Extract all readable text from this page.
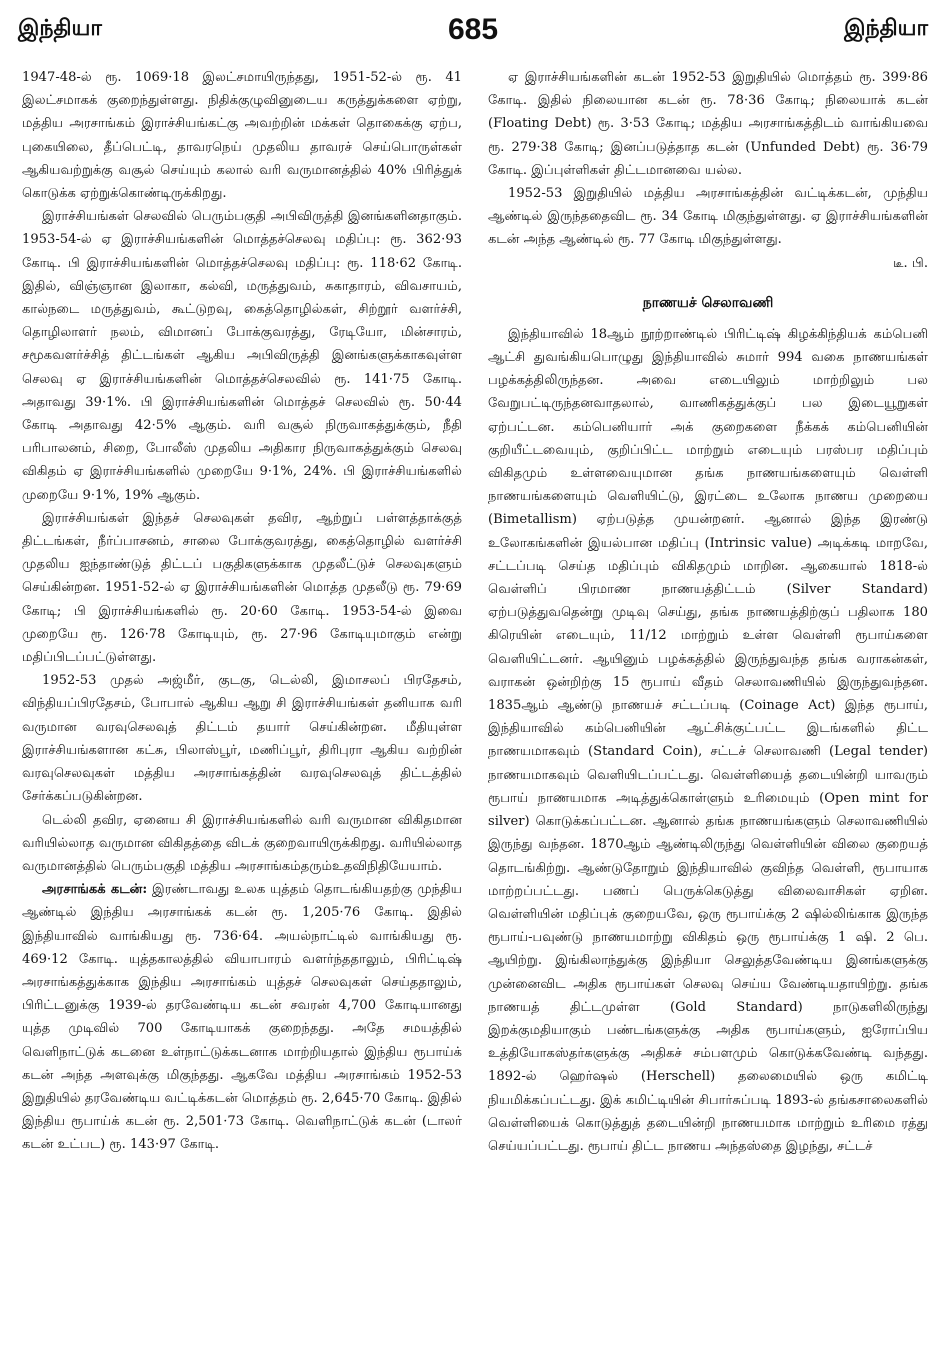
இந்தியா	685	இந்தியா

1947-48-ல் ரூ. 1069·18 இலட்சமாயிருந்தது, 1951-52-ல் ரூ. 41 இலட்சமாகக் குறைந்துள்ளது. நிதிக்குழுவினுடைய கருத்துக்களை ஏற்று, மத்திய அரசாங்கம் இராச்சியங்கட்கு அவற்றின் மக்கள் தொகைக்கு ஏற்ப, புகையிலை, தீப்பெட்டி, தாவரநெய் முதலிய தாவரச் செய்பொருள்கள் ஆகியவற்றுக்கு வசூல் செய்யும் கலால் வரி வருமானத்தில் 40% பிரித்துக் கொடுக்க ஏற்றுக்கொண்டிருக்கிறது.

இராச்சியங்கள் செலவில் பெரும்பகுதி அபிவிருத்தி இனங்களினதாகும். 1953-54-ல் ஏ இராச்சியங்களின் மொத்தச்செலவு மதிப்பு: ரூ. 362·93 கோடி. பி இராச்சியங்களின் மொத்தச்செலவு மதிப்பு: ரூ. 118·62 கோடி. இதில், விஞ்ஞான இலாகா, கல்வி, மருத்துவம், சுகாதாரம், விவசாயம், கால்நடை மருத்துவம், கூட்டுறவு, கைத்தொழில்கள், சிற்றூர் வளர்ச்சி, தொழிலாளர் நலம், விமானப் போக்குவரத்து, ரேடியோ, மின்சாரம், சமூகவளர்ச்சித் திட்டங்கள் ஆகிய அபிவிருத்தி இனங்களுக்காகவுள்ள செலவு ஏ இராச்சியங்களின் மொத்தச்செலவில் ரூ. 141·75 கோடி. அதாவது 39·1%. பி இராச்சியங்களின் மொத்தச் செலவில் ரூ. 50·44 கோடி அதாவது 42·5% ஆகும். வரி வசூல் நிருவாகத்துக்கும், நீதி பரிபாலனம், சிறை, போலீஸ் முதலிய அதிகார நிருவாகத்துக்கும் செலவு விகிதம் ஏ இராச்சியங்களில் முறையே 9·1%, 24%. பி இராச்சியங்களில் முறையே 9·1%, 19% ஆகும்.

இராச்சியங்கள் இந்தச் செலவுகள் தவிர, ஆற்றுப் பள்ளத்தாக்குத் திட்டங்கள், நீர்ப்பாசனம், சாலை போக்குவரத்து, கைத்தொழில் வளர்ச்சி முதலிய ஐந்தாண்டுத் திட்டப் பகுதிகளுக்காக முதலீட்டுச் செலவுகளும் செய்கின்றன. 1951-52-ல் ஏ இராச்சியங்களின் மொத்த முதலீடு ரூ. 79·69 கோடி; பி இராச்சியங்களில் ரூ. 20·60 கோடி. 1953-54-ல் இவை முறையே ரூ. 126·78 கோடியும், ரூ. 27·96 கோடியுமாகும் என்று மதிப்பிடப்பட்டுள்ளது.

1952-53 முதல் அஜ்மீர், குடகு, டெல்லி, இமாசலப் பிரதேசம், விந்தியப்பிரதேசம், போபால் ஆகிய ஆறு சி இராச்சியங்கள் தனியாக வரி வருமான வரவுசெலவுத் திட்டம் தயார் செய்கின்றன. மீதியுள்ள இராச்சியங்களான கட்சு, பிலாஸ்பூர், மணிப்பூர், திரிபுரா ஆகிய வற்றின் வரவுசெலவுகள் மத்திய அரசாங்கத்தின் வரவுசெலவுத் திட்டத்தில் சேர்க்கப்படுகின்றன.

டெல்லி தவிர, ஏனைய சி இராச்சியங்களில் வரி வருமான விகிதமான வரியில்லாத வருமான விகிதத்தை விடக் குறைவாயிருக்கிறது. வரியில்லாத வருமானத்தில் பெரும்பகுதி மத்திய அரசாங்கம்தரும்உதவிநிதியேயாம்.

அரசாங்கக் கடன்: இரண்டாவது உலக யுத்தம் தொடங்கியதற்கு முந்திய ஆண்டில் இந்திய அரசாங்கக் கடன் ரூ. 1,205·76 கோடி. இதில் இந்தியாவில் வாங்கியது ரூ. 736·64. அயல்நாட்டில் வாங்கியது ரூ. 469·12 கோடி. யுத்தகாலத்தில் வியாபாரம் வளர்ந்ததாலும், பிரிட்டிஷ் அரசாங்கத்துக்காக இந்திய அரசாங்கம் யுத்தச் செலவுகள் செய்ததாலும், பிரிட்டனுக்கு 1939-ல் தரவேண்டிய கடன் சவரன் 4,700 கோடியானது யுத்த முடிவில் 700 கோடியாகக் குறைந்தது. அதே சமயத்தில் வெளிநாட்டுக் கடனை உள்நாட்டுக்கடனாக மாற்றியதால் இந்திய ரூபாய்க் கடன் அந்த அளவுக்கு மிகுந்தது. ஆகவே மத்திய அரசாங்கம் 1952-53 இறுதியில் தரவேண்டிய வட்டிக்கடன் மொத்தம் ரூ. 2,645·70 கோடி. இதில் இந்திய ரூபாய்க் கடன் ரூ. 2,501·73 கோடி. வெளிநாட்டுக் கடன் (டாலர் கடன் உட்பட) ரூ. 143·97 கோடி.

ஏ இராச்சியங்களின் கடன் 1952-53 இறுதியில் மொத்தம் ரூ. 399·86 கோடி. இதில் நிலையான கடன் ரூ. 78·36 கோடி; நிலையாக் கடன் (Floating Debt) ரூ. 3·53 கோடி; மத்திய அரசாங்கத்திடம் வாங்கியவை ரூ. 279·38 கோடி; இனப்படுத்தாத கடன் (Unfunded Debt) ரூ. 36·79 கோடி. இப்புள்ளிகள் திட்டமானவை யல்ல.

1952-53 இறுதியில் மத்திய அரசாங்கத்தின் வட்டிக்கடன், முந்திய ஆண்டில் இருந்ததைவிட ரூ. 34 கோடி மிகுந்துள்ளது. ஏ இராச்சியங்களின் கடன் அந்த ஆண்டில் ரூ. 77 கோடி மிகுந்துள்ளது.

டீ. பி.
நாணயச் செலாவணி

இந்தியாவில் 18ஆம் நூற்றாண்டில் பிரிட்டிஷ் கிழக்கிந்தியக் கம்பெனி ஆட்சி துவங்கியபொழுது இந்தியாவில் சுமார் 994 வகை நாணயங்கள் பழக்கத்திலிருந்தன. அவை எடையிலும் மாற்றிலும் பல வேறுபட்டிருந்தனவாதலால், வாணிகத்துக்குப் பல இடையூறுகள் ஏற்பட்டன. கம்பெனியார் அக் குறைகளை நீக்கக் கம்பெனியின் குறியீட்டவையும், குறிப்பிட்ட மாற்றும் எடையும் பரஸ்பர மதிப்பும் விகிதமும் உள்ளவையுமான தங்க நாணயங்களையும் வெள்ளி நாணயங்களையும் வெளியிட்டு, இரட்டை உலோக நாணய முறையை (Bimetallism) ஏற்படுத்த முயன்றனர். ஆனால் இந்த இரண்டு உலோகங்களின் இயல்பான மதிப்பு (Intrinsic value) அடிக்கடி மாறவே, சட்டப்படி செய்த மதிப்பும் விகிதமும் மாறின. ஆகையால் 1818-ல் வெள்ளிப் பிரமாண நாணயத்திட்டம் (Silver Standard) ஏற்படுத்துவதென்று முடிவு செய்து, தங்க நாணயத்திற்குப் பதிலாக 180 கிரெயின் எடையும், 11/12 மாற்றும் உள்ள வெள்ளி ரூபாய்களை வெளியிட்டனர். ஆயினும் பழக்கத்தில் இருந்துவந்த தங்க வராகன்கள், வராகன் ஒன்றிற்கு 15 ரூபாய் வீதம் செலாவணியில் இருந்துவந்தன. 1835ஆம் ஆண்டு நாணயச் சட்டப்படி (Coinage Act) இந்த ரூபாய், இந்தியாவில் கம்பெனியின் ஆட்சிக்குட்பட்ட இடங்களில் திட்ட நாணயமாகவும் (Standard Coin), சட்டச் செலாவணி (Legal tender) நாணயமாகவும் வெளியிடப்பட்டது. வெள்ளியைத் தடையின்றி யாவரும் ரூபாய் நாணயமாக அடித்துக்கொள்ளும் உரிமையும் (Open mint for silver) கொடுக்கப்பட்டன. ஆனால் தங்க நாணயங்களும் செலாவணியில் இருந்து வந்தன. 1870ஆம் ஆண்டிலிருந்து வெள்ளியின் விலை குறையத் தொடங்கிற்று. ஆண்டுதோறும் இந்தியாவில் குவிந்த வெள்ளி, ரூபாயாக மாற்றப்பட்டது. பணப் பெருக்கெடுத்து விலைவாசிகள் ஏறின. வெள்ளியின் மதிப்புக் குறையவே, ஒரு ரூபாய்க்கு 2 ஷில்லிங்காக இருந்த ரூபாய்-பவுண்டு நாணயமாற்று விகிதம் ஒரு ரூபாய்க்கு 1 ஷி. 2 பெ. ஆயிற்று. இங்கிலாந்துக்கு இந்தியா செலுத்தவேண்டிய இனங்களுக்கு முன்னைவிட அதிக ரூபாய்கள் செலவு செய்ய வேண்டியதாயிற்று. தங்க நாணயத் திட்டமுள்ள (Gold Standard) நாடுகளிலிருந்து இறக்குமதியாகும் பண்டங்களுக்கு அதிக ரூபாய்களும், ஐரோப்பிய உத்தியோகஸ்தர்களுக்கு அதிகச் சம்பளமும் கொடுக்கவேண்டி வந்தது. 1892-ல் ஹெர்ஷல் (Herschell) தலைமையில் ஒரு கமிட்டி நியமிக்கப்பட்டது. இக் கமிட்டியின் சிபார்சுப்படி 1893-ல் தங்கசாலைகளில் வெள்ளியைக் கொடுத்துத் தடையின்றி நாணயமாக மாற்றும் உரிமை ரத்து செய்யப்பட்டது. ரூபாய் திட்ட நாணய அந்தஸ்தை இழந்து, சட்டச்
